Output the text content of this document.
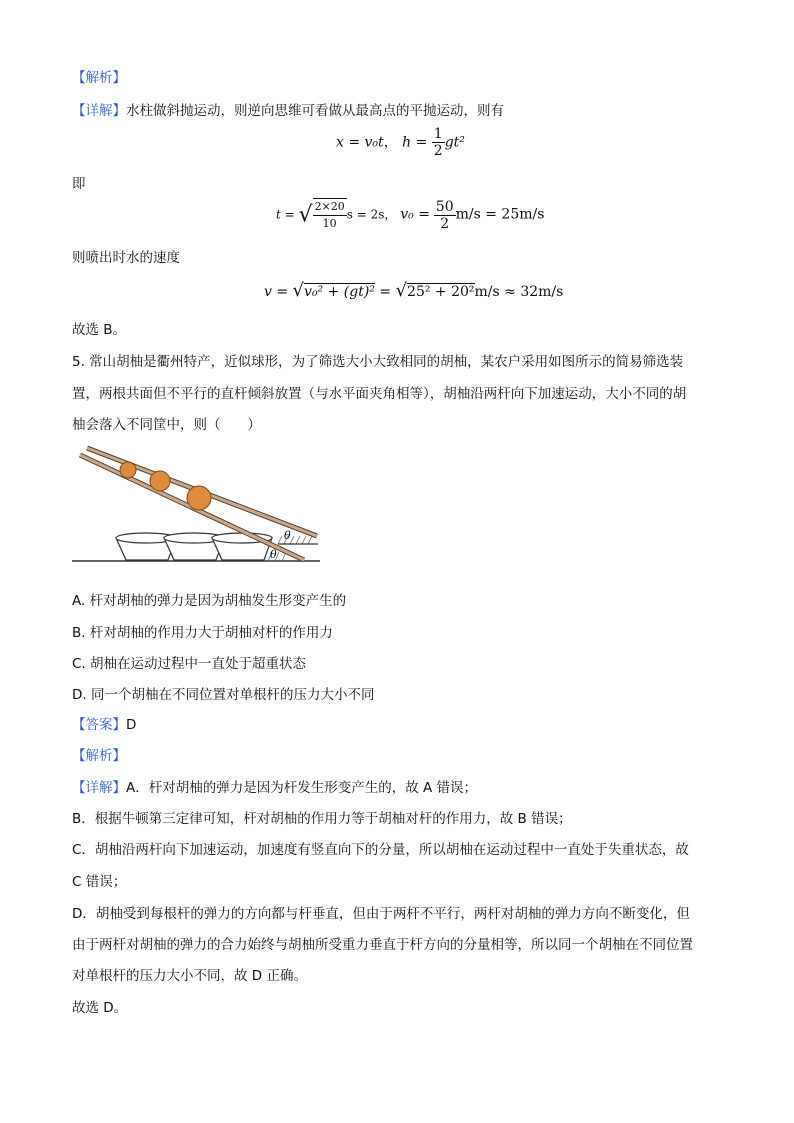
【解析】
【详解】水柱做斜抛运动，则逆向思维可看做从最高点的平抛运动，则有
x = v₀t， $h = \frac{1}{2} gt^2$
即
t = √ $\frac{2\times 20}{10}$ s = 2s， $v_0 = \frac{50}{2} m/s = 25m/s$
则喷出时水的速度
v = √v₀² + (gt)² = √25² + 20²m/s ≈ 32m/s
故选 B。
5. 常山胡柚是衢州特产，近似球形，为了筛选大小大致相同的胡柚，某农户采用如图所示的简易筛选装
置，两根共面但不平行的直杆倾斜放置（与水平面夹角相等），胡柚沿两杆向下加速运动，大小不同的胡
柚会落入不同筐中，则（　　）
θ
θ
A. 杆对胡柚的弹力是因为胡柚发生形变产生的
B. 杆对胡柚的作用力大于胡柚对杆的作用力
C. 胡柚在运动过程中一直处于超重状态
D. 同一个胡柚在不同位置对单根杆的压力大小不同
【答案】D
【解析】
【详解】A．杆对胡柚的弹力是因为杆发生形变产生的，故 A 错误；
B．根据牛顿第三定律可知，杆对胡柚的作用力等于胡柚对杆的作用力，故 B 错误；
C．胡柚沿两杆向下加速运动，加速度有竖直向下的分量，所以胡柚在运动过程中一直处于失重状态，故
C 错误；
D．胡柚受到每根杆的弹力的方向都与杆垂直，但由于两杆不平行，两杆对胡柚的弹力方向不断变化，但
由于两杆对胡柚的弹力的合力始终与胡柚所受重力垂直于杆方向的分量相等，所以同一个胡柚在不同位置
对单根杆的压力大小不同，故 D 正确。
故选 D。
